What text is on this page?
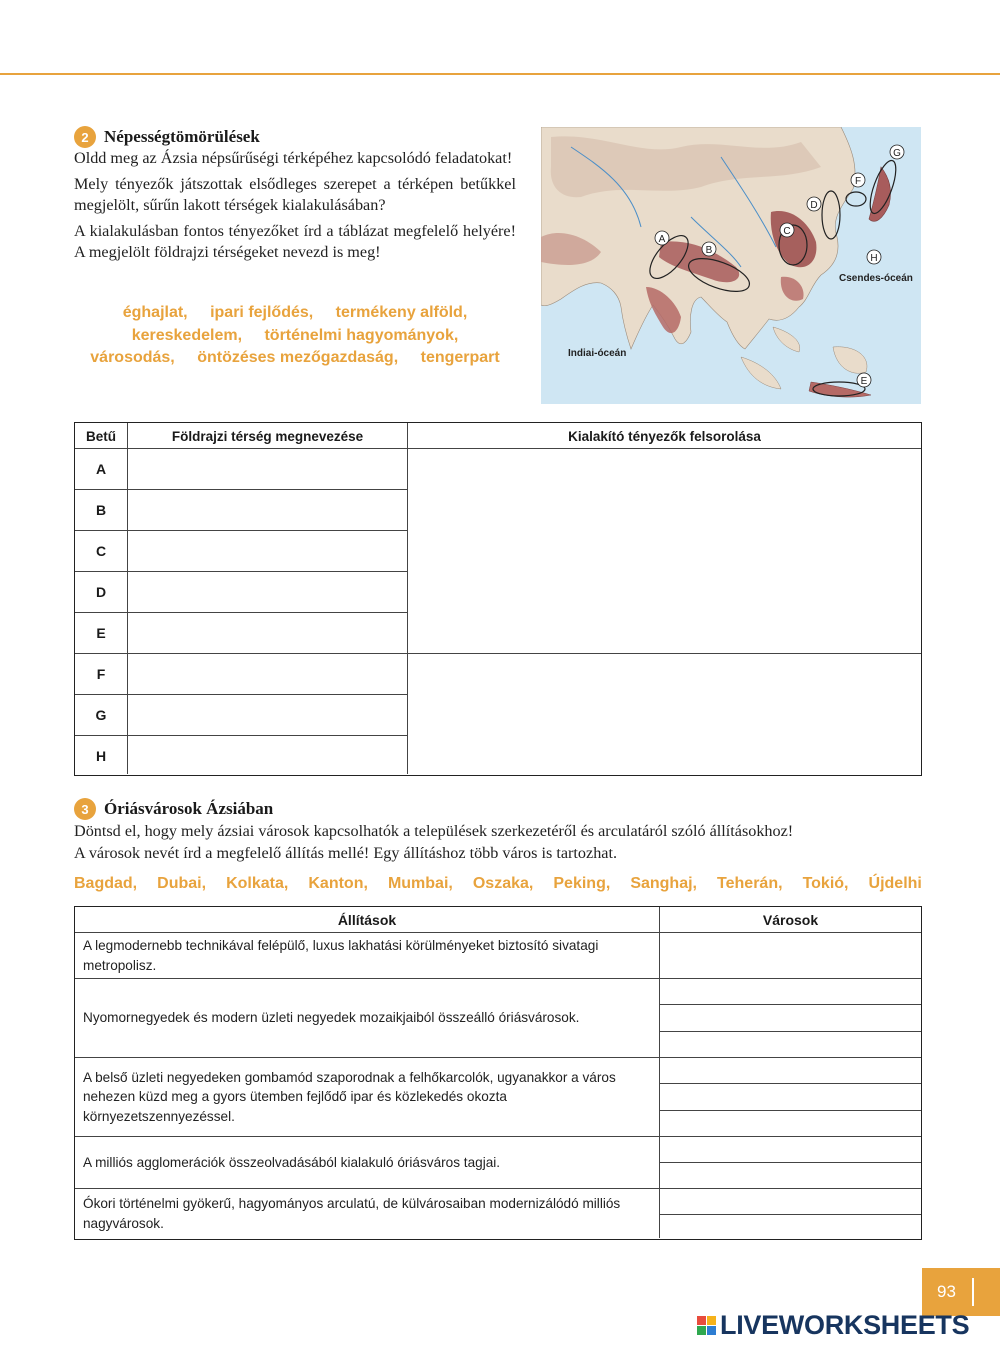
2 Népességtömörülések

Oldd meg az Ázsia népsűrűségi térképéhez kapcsolódó feladatokat!

Mely tényezők játszottak elsődleges szerepet a térképen betűkkel megjelölt, sűrűn lakott térségek kialakulásában?

A kialakulásban fontos tényezőket írd a táblázat megfelelő helyére! A megjelölt földrajzi térségeket nevezd is meg!

éghajlat, ipari fejlődés, termékeny alföld,
kereskedelem, történelmi hagyományok,
városodás, öntözéses mezőgazdaság, tengerpart
A
B
C
D
E
F
G
H
Csendes-óceán
Indiai-óceán
Betű	Földrajzi térség megnevezése	Kialakító tényezők felsorolása
A
B
C
D
E
F
G
H
3 Óriásvárosok Ázsiában
Döntsd el, hogy mely ázsiai városok kapcsolhatók a települések szerkezetéről és arculatáról szóló állításokhoz!
A városok nevét írd a megfelelő állítás mellé! Egy állításhoz több város is tartozhat.
Bagdad, Dubai, Kolkata, Kanton, Mumbai, Oszaka, Peking, Sanghaj, Teherán, Tokió, Újdelhi
Állítások	Városok
A legmodernebb technikával felépülő, luxus lakhatási körülményeket biztosító sivatagi metropolisz.
Nyomornegyedek és modern üzleti negyedek mozaikjaiból összeálló óriásvárosok.
A belső üzleti negyedeken gombamód szaporodnak a felhőkarcolók, ugyanakkor a város nehezen küzd meg a gyors ütemben fejlődő ipar és közlekedés okozta környezetszennyezéssel.
A milliós agglomerációk összeolvadásából kialakuló óriásváros tagjai.
Ókori történelmi gyökerű, hagyományos arculatú, de külvárosaiban modernizálódó milliós nagyvárosok.
93
LIVEWORKSHEETS
